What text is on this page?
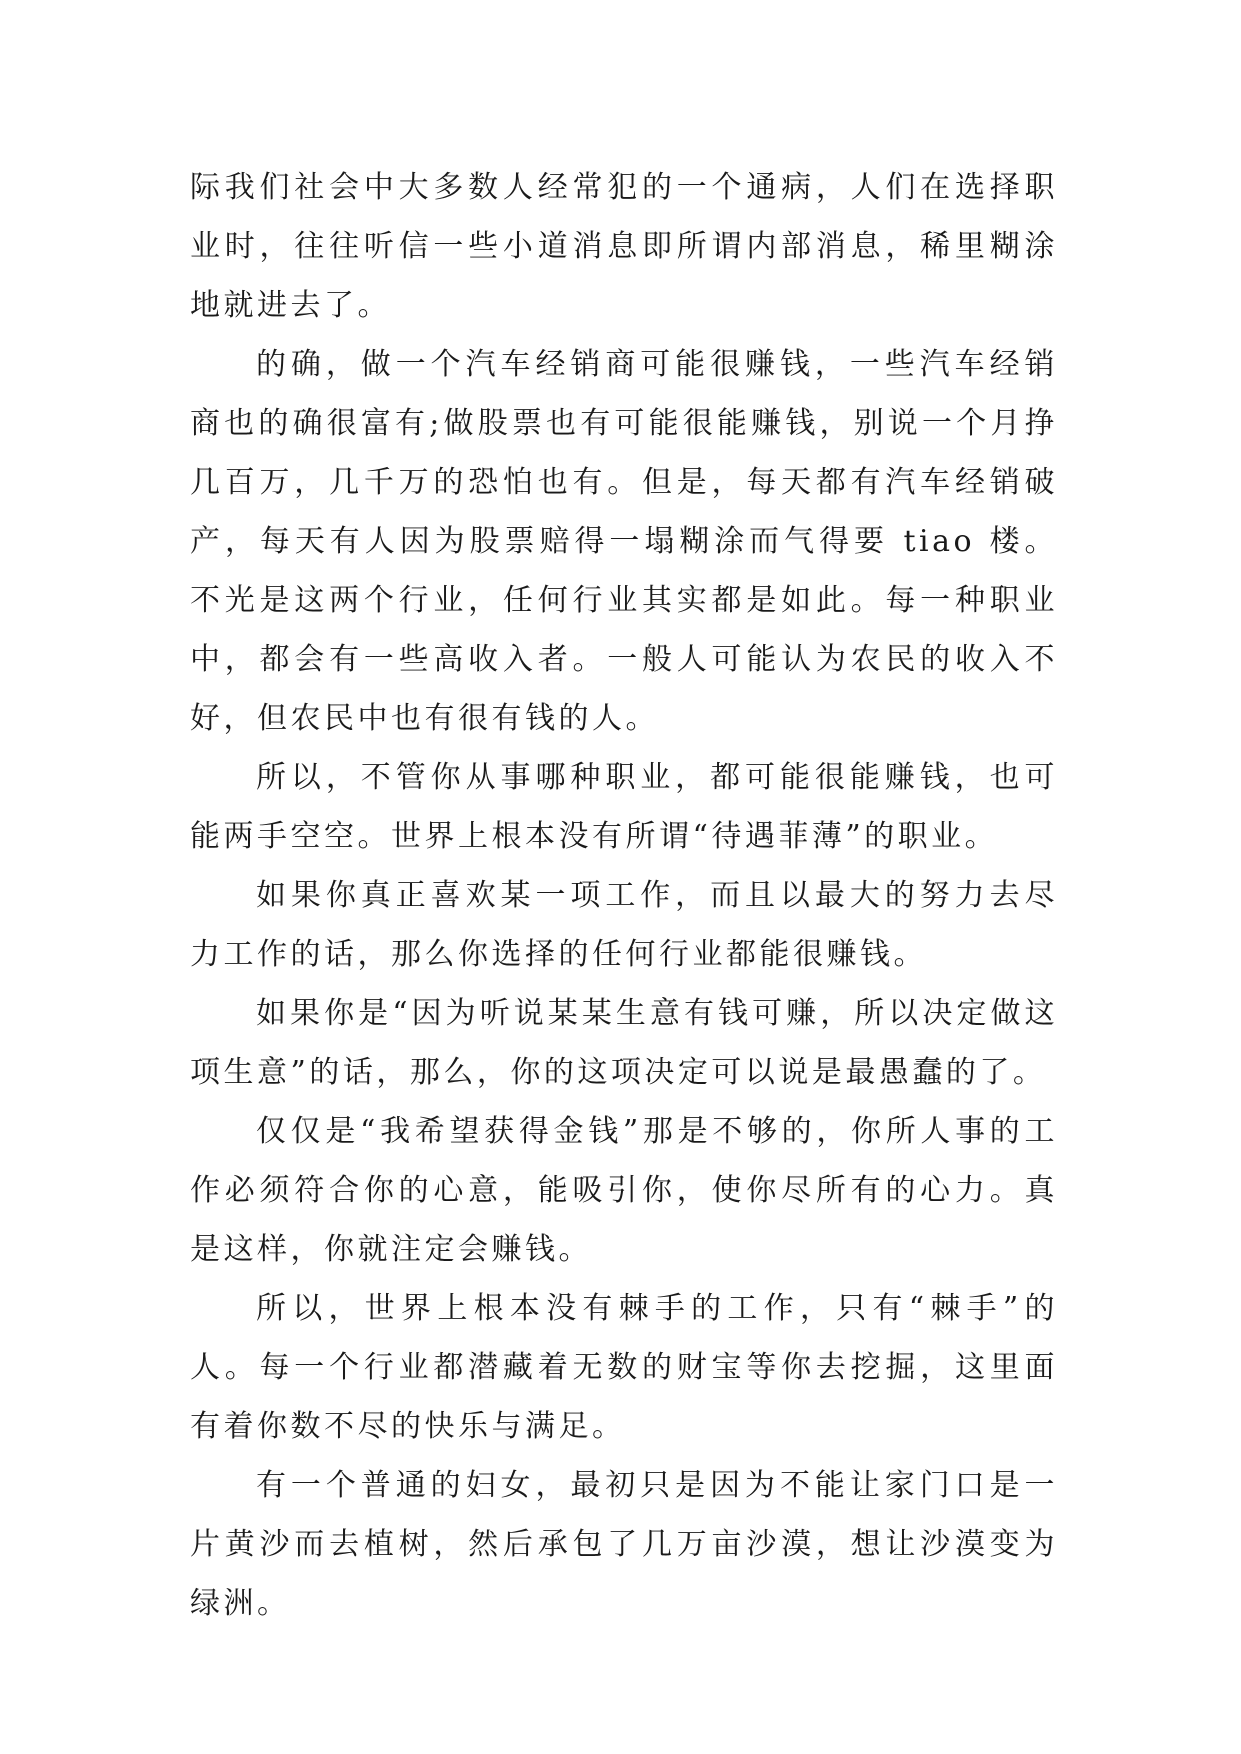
际我们社会中大多数人经常犯的一个通病，人们在选择职业时，往往听信一些小道消息即所谓内部消息，稀里糊涂地就进去了。

的确，做一个汽车经销商可能很赚钱，一些汽车经销商也的确很富有;做股票也有可能很能赚钱，别说一个月挣几百万，几千万的恐怕也有。但是，每天都有汽车经销破产，每天有人因为股票赔得一塌糊涂而气得要 tiao 楼。不光是这两个行业，任何行业其实都是如此。每一种职业中，都会有一些高收入者。一般人可能认为农民的收入不好，但农民中也有很有钱的人。

所以，不管你从事哪种职业，都可能很能赚钱，也可能两手空空。世界上根本没有所谓“待遇菲薄”的职业。

如果你真正喜欢某一项工作，而且以最大的努力去尽力工作的话，那么你选择的任何行业都能很赚钱。

如果你是“因为听说某某生意有钱可赚，所以决定做这项生意”的话，那么，你的这项决定可以说是最愚蠢的了。

仅仅是“我希望获得金钱”那是不够的，你所人事的工作必须符合你的心意，能吸引你，使你尽所有的心力。真是这样，你就注定会赚钱。

所以，世界上根本没有棘手的工作，只有“棘手”的人。每一个行业都潜藏着无数的财宝等你去挖掘，这里面有着你数不尽的快乐与满足。

有一个普通的妇女，最初只是因为不能让家门口是一片黄沙而去植树，然后承包了几万亩沙漠，想让沙漠变为绿洲。
